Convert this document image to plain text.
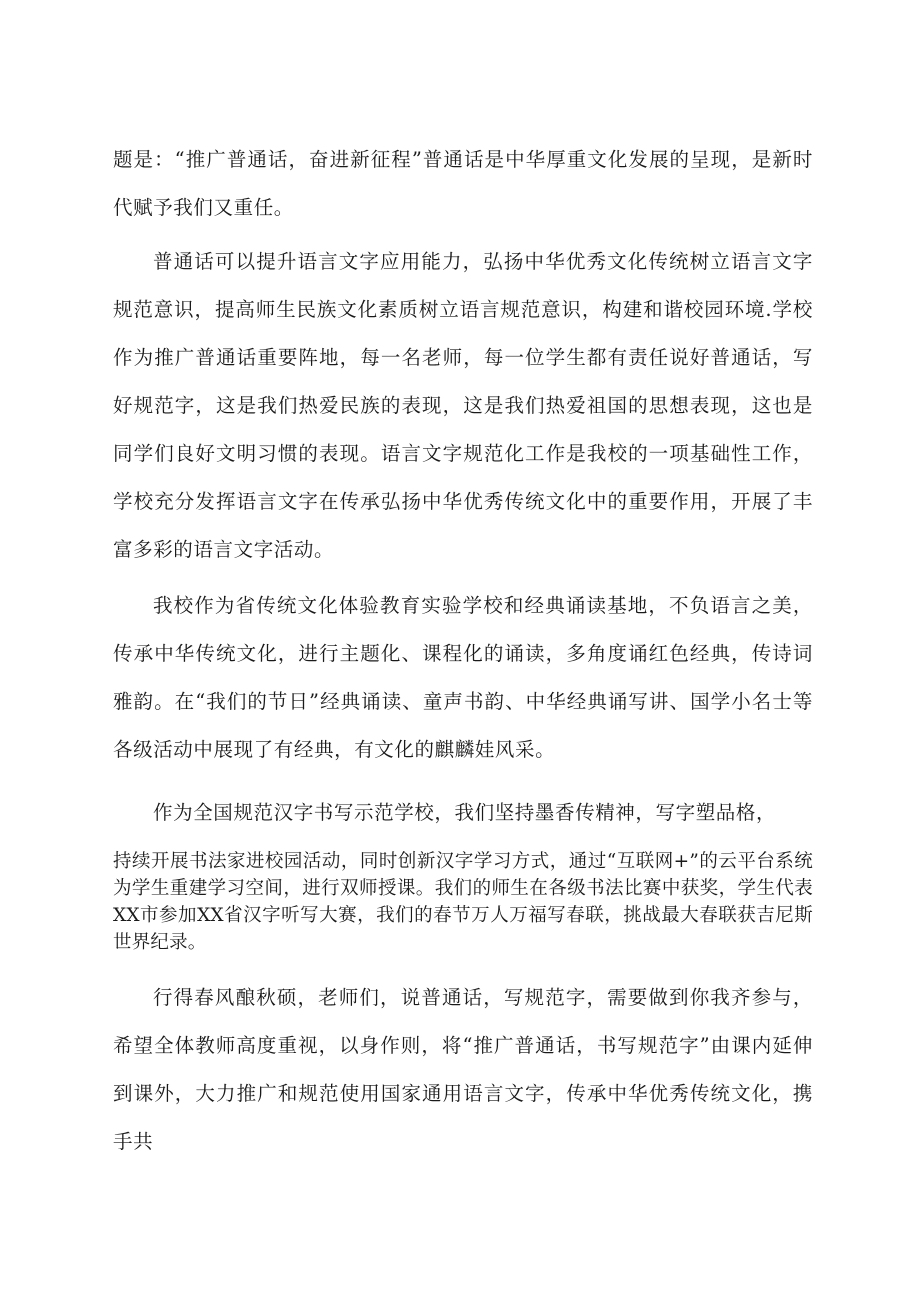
题是：“推广普通话，奋进新征程”普通话是中华厚重文化发展的呈现，是新时代赋予我们又重任。

普通话可以提升语言文字应用能力，弘扬中华优秀文化传统树立语言文字规范意识，提高师生民族文化素质树立语言规范意识，构建和谐校园环境.学校作为推广普通话重要阵地，每一名老师，每一位学生都有责任说好普通话，写好规范字，这是我们热爱民族的表现，这是我们热爱祖国的思想表现，这也是同学们良好文明习惯的表现。语言文字规范化工作是我校的一项基础性工作，学校充分发挥语言文字在传承弘扬中华优秀传统文化中的重要作用，开展了丰富多彩的语言文字活动。

我校作为省传统文化体验教育实验学校和经典诵读基地，不负语言之美，传承中华传统文化，进行主题化、课程化的诵读，多角度诵红色经典，传诗词雅韵。在“我们的节日”经典诵读、童声书韵、中华经典诵写讲、国学小名士等各级活动中展现了有经典，有文化的麒麟娃风采。

作为全国规范汉字书写示范学校，我们坚持墨香传精神，写字塑品格，

持续开展书法家进校园活动，同时创新汉字学习方式，通过“互联网+”的云平台系统为学生重建学习空间，进行双师授课。我们的师生在各级书法比赛中获奖，学生代表XX市参加XX省汉字听写大赛，我们的春节万人万福写春联，挑战最大春联获吉尼斯世界纪录。

行得春风酿秋硕，老师们，说普通话，写规范字，需要做到你我齐参与，希望全体教师高度重视，以身作则，将“推广普通话，书写规范字”由课内延伸到课外，大力推广和规范使用国家通用语言文字，传承中华优秀传统文化，携手共
